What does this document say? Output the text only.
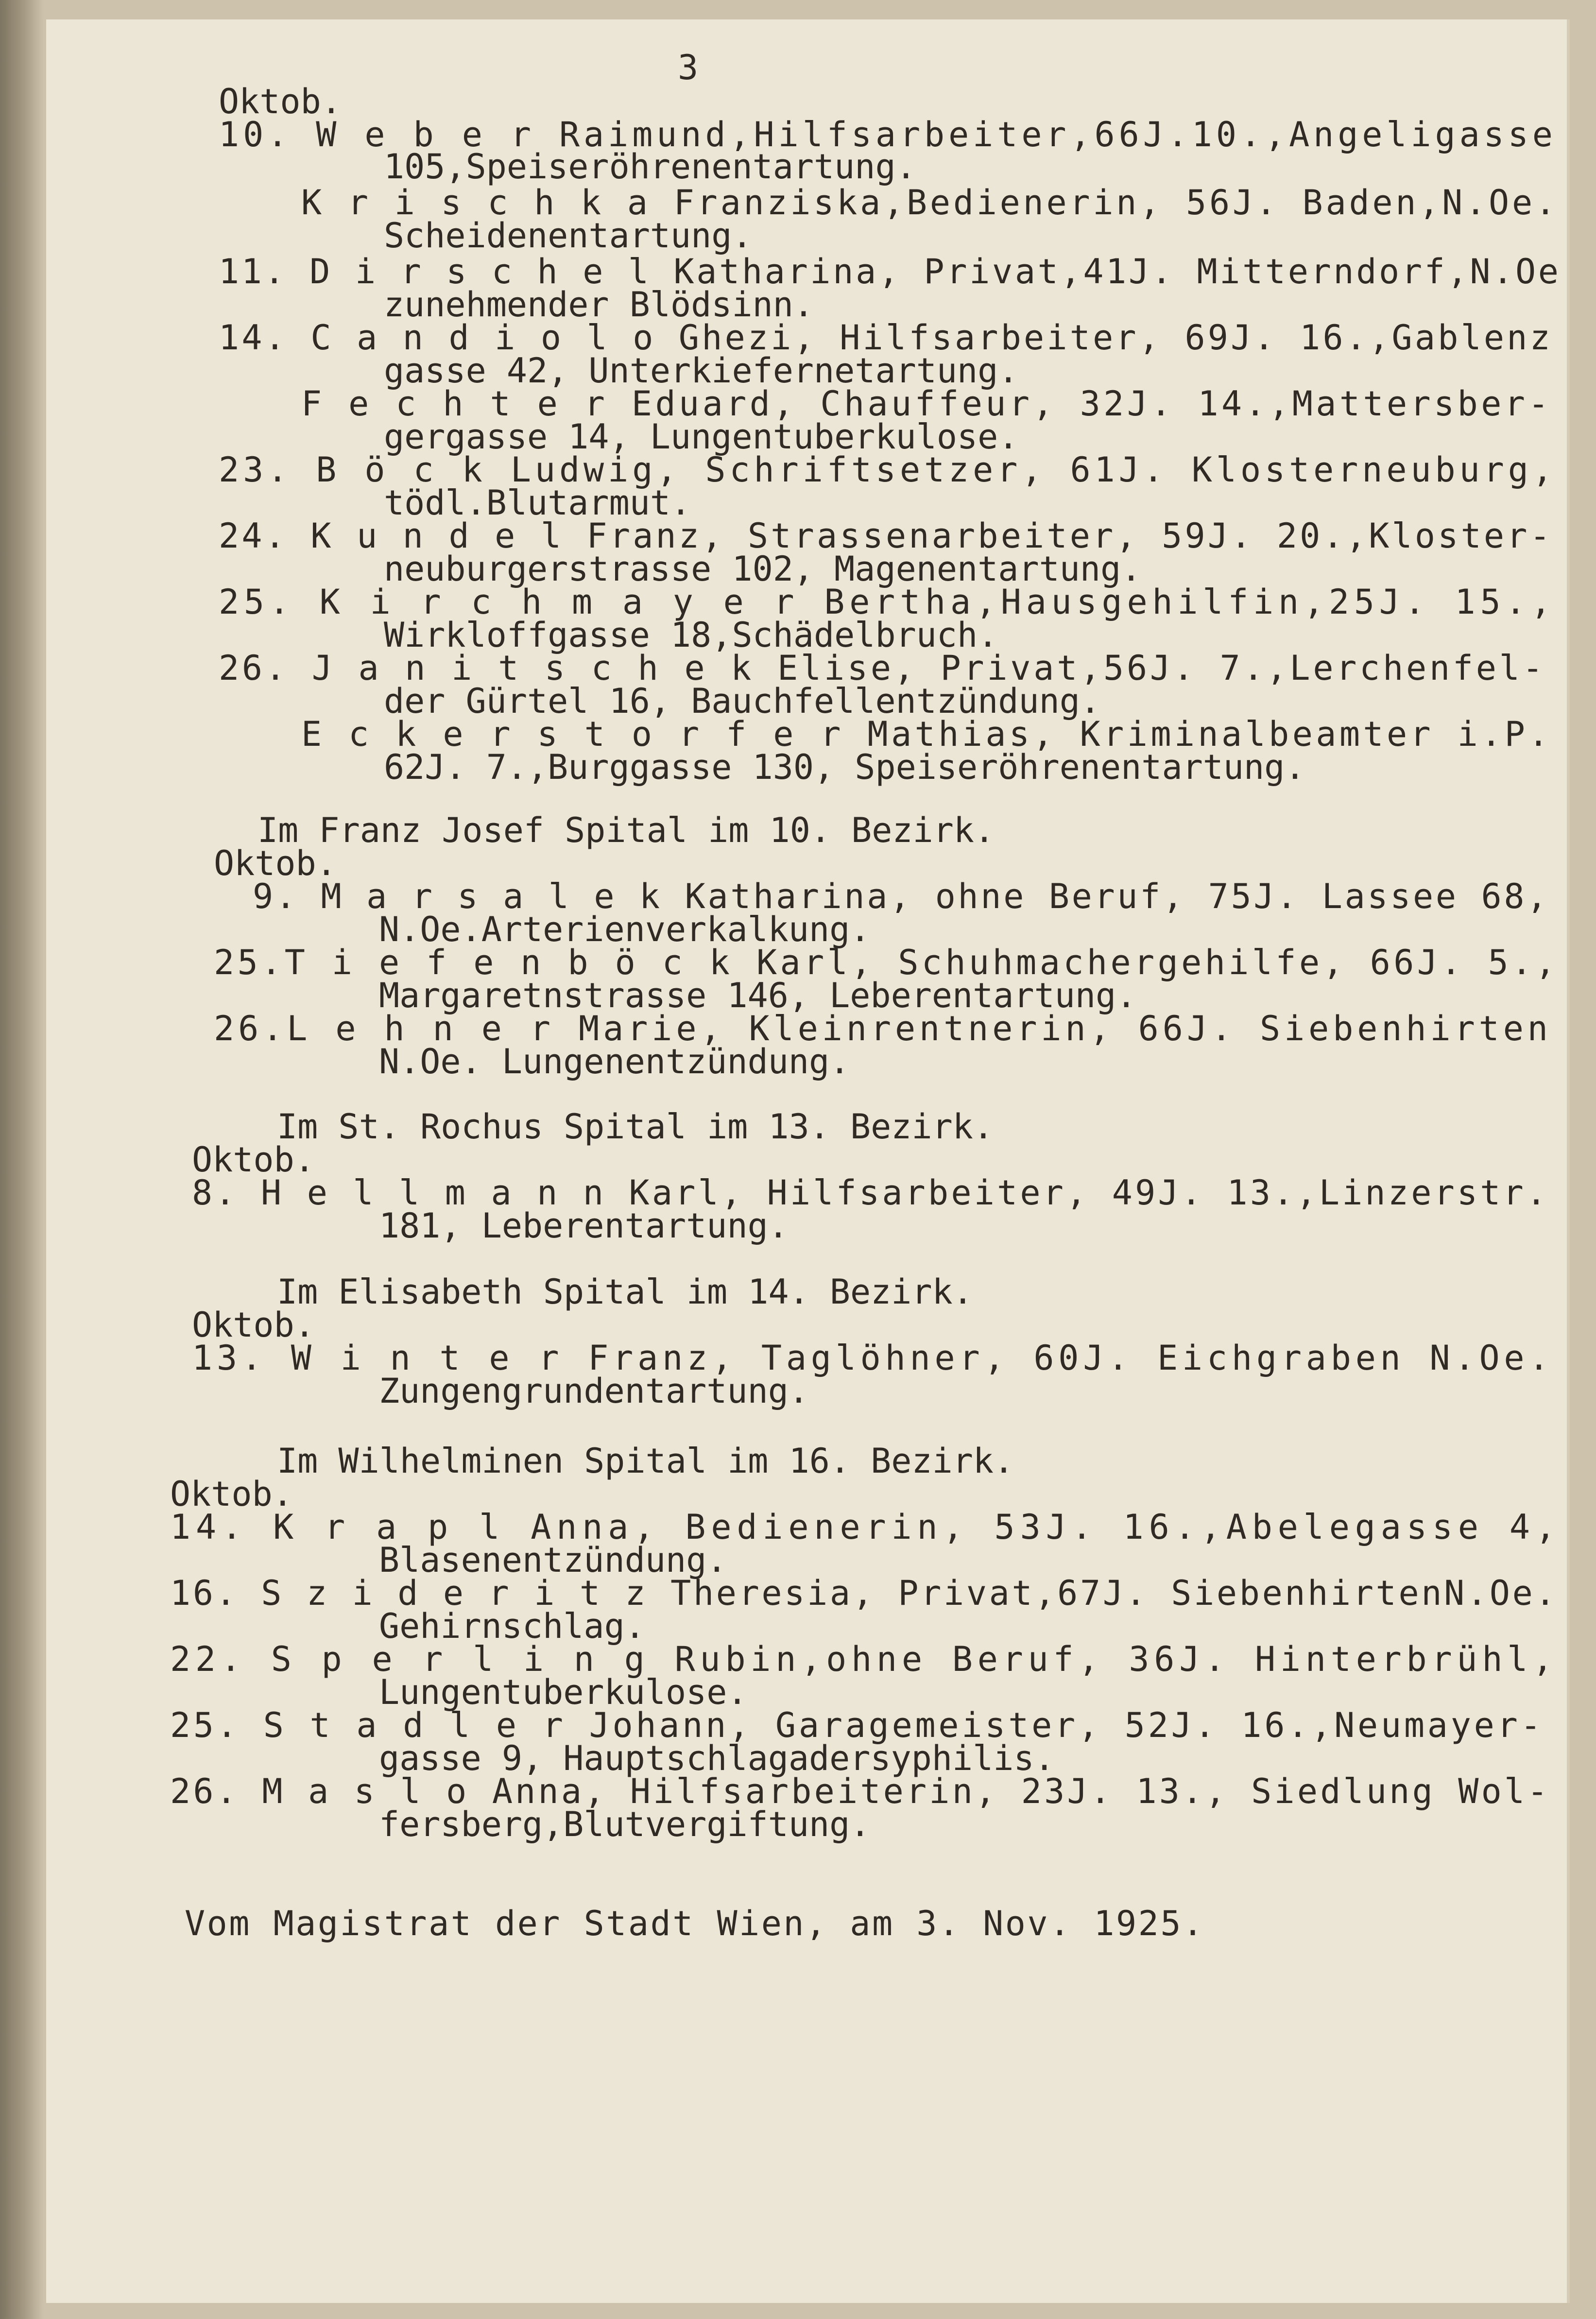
3
Oktob.
10. W e b e r Raimund,Hilfsarbeiter,66J.10.,Angeligasse
105,Speiseröhrenentartung.
K r i s c h k a Franziska,Bedienerin, 56J. Baden,N.Oe.
Scheidenentartung.
11. D i r s c h e l Katharina, Privat,41J. Mitterndorf,N.Oe
zunehmender Blödsinn.
14. C a n d i o l o Ghezi, Hilfsarbeiter, 69J. 16.,Gablenz
gasse 42, Unterkiefernetartung.
F e c h t e r Eduard, Chauffeur, 32J. 14.,Mattersber-
gergasse 14, Lungentuberkulose.
23. B ö c k Ludwig, Schriftsetzer, 61J. Klosterneuburg,
tödl.Blutarmut.
24. K u n d e l Franz, Strassenarbeiter, 59J. 20.,Kloster-
neuburgerstrasse 102, Magenentartung.
25. K i r c h m a y e r Bertha,Hausgehilfin,25J. 15.,
Wirkloffgasse 18,Schädelbruch.
26. J a n i t s c h e k Elise, Privat,56J. 7.,Lerchenfel-
der Gürtel 16, Bauchfellentzündung.
E c k e r s t o r f e r Mathias, Kriminalbeamter i.P.
62J. 7.,Burggasse 130, Speiseröhrenentartung.
Im Franz Josef Spital im 10. Bezirk.
Oktob.
9. M a r s a l e k Katharina, ohne Beruf, 75J. Lassee 68,
N.Oe.Arterienverkalkung.
25.T i e f e n b ö c k Karl, Schuhmachergehilfe, 66J. 5.,
Margaretnstrasse 146, Leberentartung.
26.L e h n e r Marie, Kleinrentnerin, 66J. Siebenhirten
N.Oe. Lungenentzündung.
Im St. Rochus Spital im 13. Bezirk.
Oktob.
8. H e l l m a n n Karl, Hilfsarbeiter, 49J. 13.,Linzerstr.
181, Leberentartung.
Im Elisabeth Spital im 14. Bezirk.
Oktob.
13. W i n t e r Franz, Taglöhner, 60J. Eichgraben N.Oe.
Zungengrundentartung.
Im Wilhelminen Spital im 16. Bezirk.
Oktob.
14. K r a p l Anna, Bedienerin, 53J. 16.,Abelegasse 4,
Blasenentzündung.
16. S z i d e r i t z Theresia, Privat,67J. SiebenhirtenN.Oe.
Gehirnschlag.
22. S p e r l i n g Rubin,ohne Beruf, 36J. Hinterbrühl,
Lungentuberkulose.
25. S t a d l e r Johann, Garagemeister, 52J. 16.,Neumayer-
gasse 9, Hauptschlagadersyphilis.
26. M a s l o Anna, Hilfsarbeiterin, 23J. 13., Siedlung Wol-
fersberg,Blutvergiftung.
Vom Magistrat der Stadt Wien, am 3. Nov. 1925.
